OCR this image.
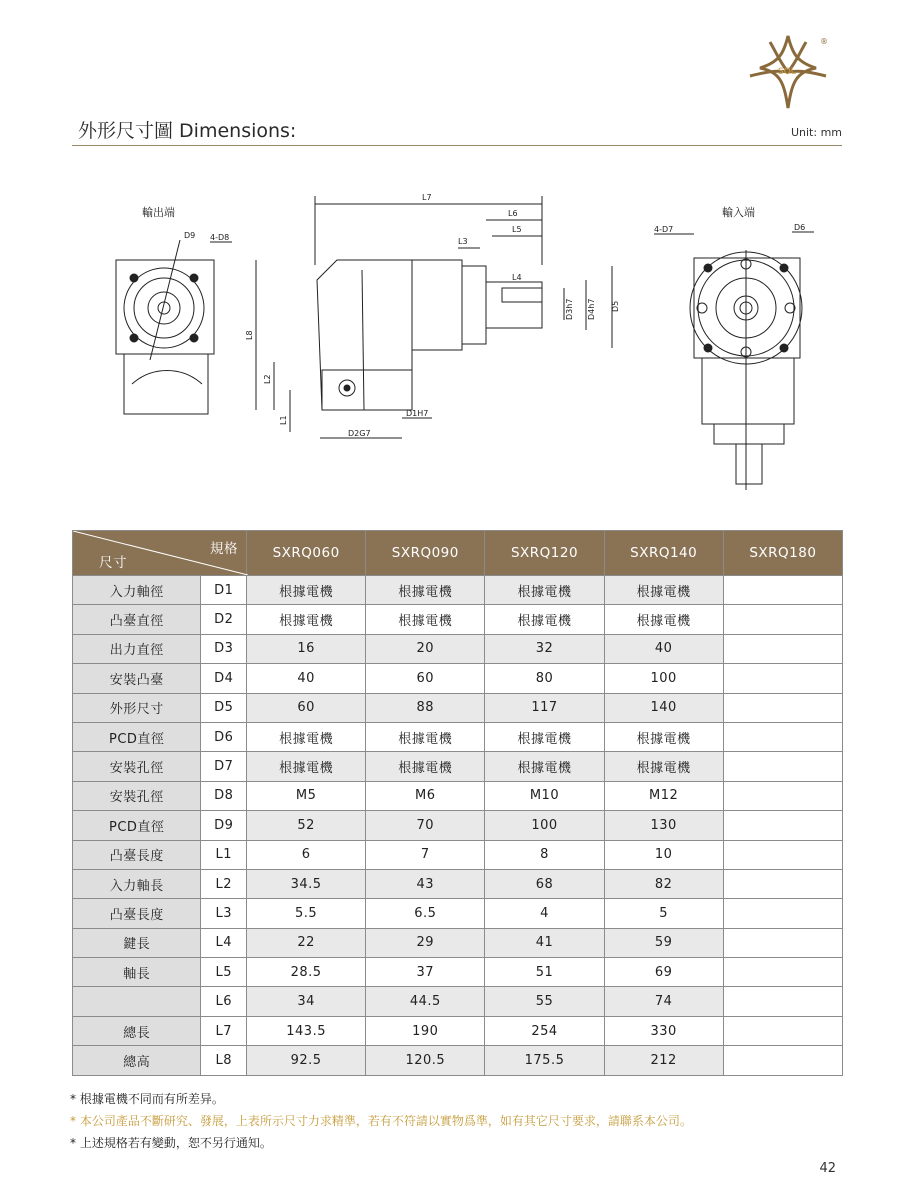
SOL
®
外形尺寸圖 Dimensions:	Unit: mm
輸出端
D9 4-D8
L7
L6
L5
L3
L4
L8
L2
L1
D2G7
D1H7
D3h7 D4h7 D5
輸入端
4-D7	D6
規格
尺寸		SXRQ060	SXRQ090	SXRQ120	SXRQ140	SXRQ180
入力軸徑	D1	根據電機	根據電機	根據電機	根據電機	
凸臺直徑	D2	根據電機	根據電機	根據電機	根據電機	
出力直徑	D3	16	20	32	40	
安裝凸臺	D4	40	60	80	100	
外形尺寸	D5	60	88	117	140	
PCD直徑	D6	根據電機	根據電機	根據電機	根據電機	
安裝孔徑	D7	根據電機	根據電機	根據電機	根據電機	
安裝孔徑	D8	M5	M6	M10	M12	
PCD直徑	D9	52	70	100	130	
凸臺長度	L1	6	7	8	10	
入力軸長	L2	34.5	43	68	82	
凸臺長度	L3	5.5	6.5	4	5	
鍵長	L4	22	29	41	59	
軸長	L5	28.5	37	51	69	
	L6	34	44.5	55	74	
總長	L7	143.5	190	254	330	
總高	L8	92.5	120.5	175.5	212	
* 根據電機不同而有所差异。
* 本公司產品不斷研究、發展，上表所示尺寸力求精準，若有不符請以實物爲準，如有其它尺寸要求，請聯系本公司。
* 上述規格若有變動，恕不另行通知。
42
